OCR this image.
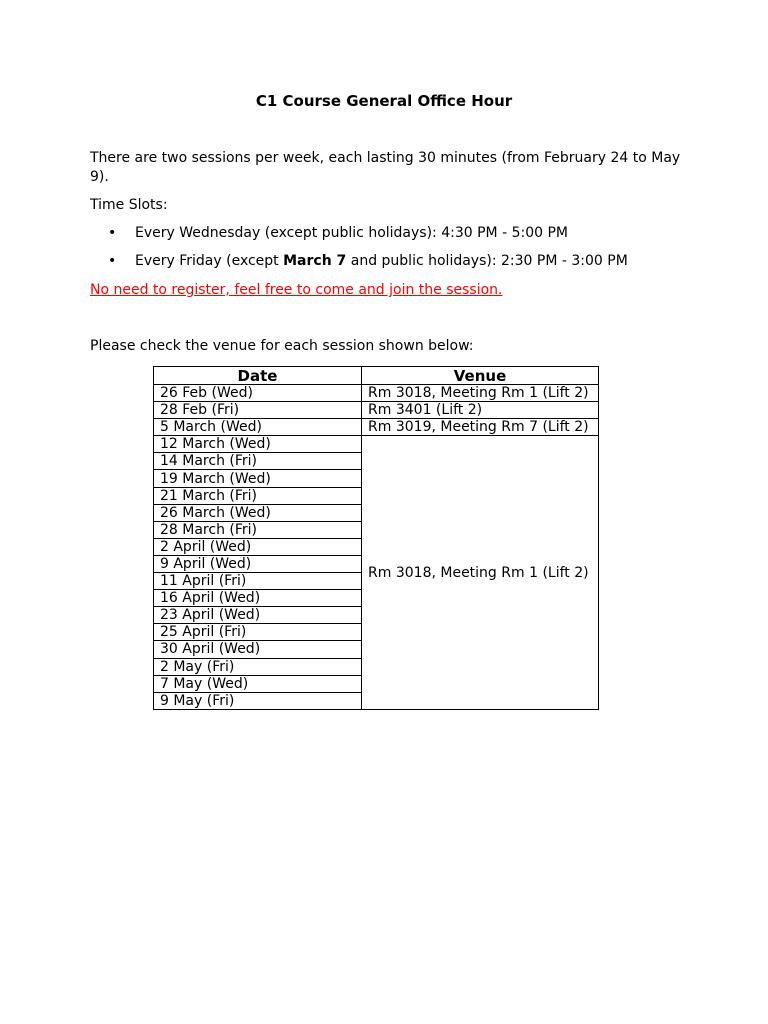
C1 Course General Office Hour
There are two sessions per week, each lasting 30 minutes (from February 24 to May 9).
Time Slots:
• Every Wednesday (except public holidays): 4:30 PM - 5:00 PM
• Every Friday (except March 7 and public holidays): 2:30 PM - 3:00 PM
No need to register, feel free to come and join the session.
Please check the venue for each session shown below:
Date	Venue
26 Feb (Wed)	Rm 3018, Meeting Rm 1 (Lift 2)
28 Feb (Fri)	Rm 3401 (Lift 2)
5 March (Wed)	Rm 3019, Meeting Rm 7 (Lift 2)
12 March (Wed)	Rm 3018, Meeting Rm 1 (Lift 2)
14 March (Fri)	
19 March (Wed)	
21 March (Fri)	
26 March (Wed)	
28 March (Fri)	
2 April (Wed)	
9 April (Wed)	
11 April (Fri)	
16 April (Wed)	
23 April (Wed)	
25 April (Fri)	
30 April (Wed)	
2 May (Fri)	
7 May (Wed)	
9 May (Fri)	
